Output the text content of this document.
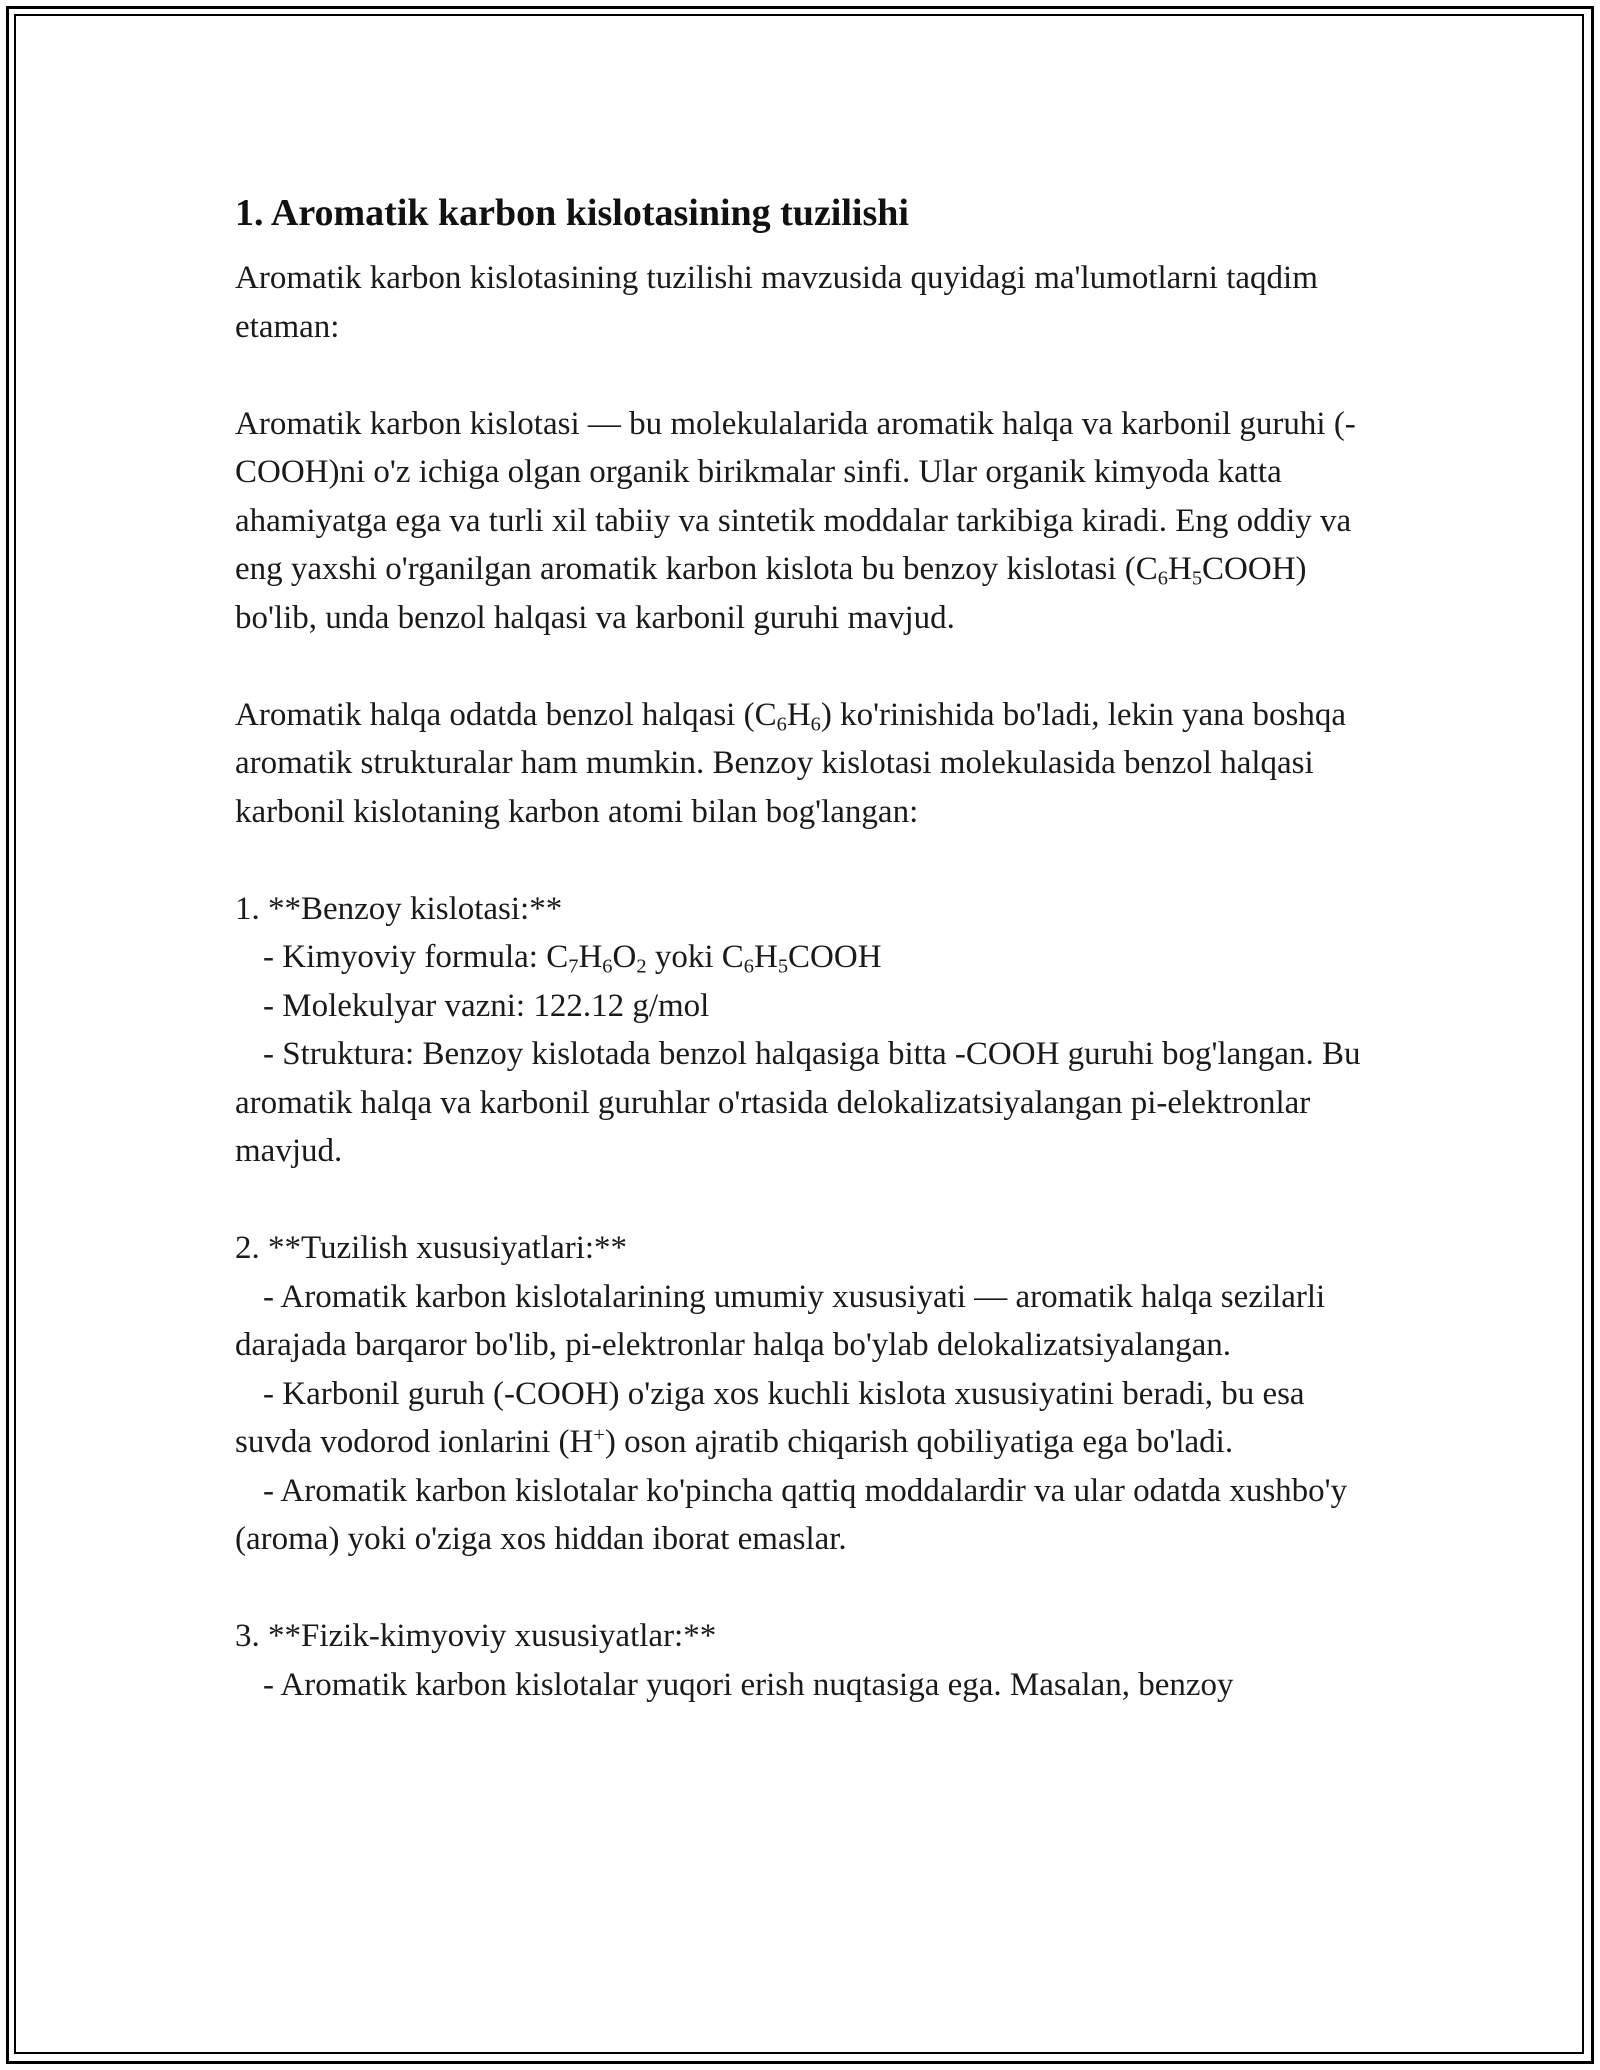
1. Aromatik karbon kislotasining tuzilishi

Aromatik karbon kislotasining tuzilishi mavzusida quyidagi ma'lumotlarni taqdim etaman:

Aromatik karbon kislotasi — bu molekulalarida aromatik halqa va karbonil guruhi (-COOH)ni o'z ichiga olgan organik birikmalar sinfi. Ular organik kimyoda katta ahamiyatga ega va turli xil tabiiy va sintetik moddalar tarkibiga kiradi. Eng oddiy va eng yaxshi o'rganilgan aromatik karbon kislota bu benzoy kislotasi $(C_6H_5COOH)$ bo'lib, unda benzol halqasi va karbonil guruhi mavjud.

Aromatik halqa odatda benzol halqasi $(C_6H_6)$ ko'rinishida bo'ladi, lekin yana boshqa aromatik strukturalar ham mumkin. Benzoy kislotasi molekulasida benzol halqasi karbonil kislotaning karbon atomi bilan bog'langan:

1. **Benzoy kislotasi:**

- Kimyoviy formula: $C_7H_6O_2$ yoki $C_6H_5COOH$

- Molekulyar vazni: 122.12 g/mol

- Struktura: Benzoy kislotada benzol halqasiga bitta -COOH guruhi bog'langan. Bu aromatik halqa va karbonil guruhlar o'rtasida delokalizatsiyalangan pi-elektronlar mavjud.

2. **Tuzilish xususiyatlari:**

- Aromatik karbon kislotalarining umumiy xususiyati — aromatik halqa sezilarli darajada barqaror bo'lib, pi-elektronlar halqa bo'ylab delokalizatsiyalangan.

- Karbonil guruh (-COOH) o'ziga xos kuchli kislota xususiyatini beradi, bu esa suvda vodorod ionlarini (H+) oson ajratib chiqarish qobiliyatiga ega bo'ladi.

- Aromatik karbon kislotalar ko'pincha qattiq moddalardir va ular odatda xushbo'y (aroma) yoki o'ziga xos hiddan iborat emaslar.

3. **Fizik-kimyoviy xususiyatlar:**

- Aromatik karbon kislotalar yuqori erish nuqtasiga ega. Masalan, benzoy
